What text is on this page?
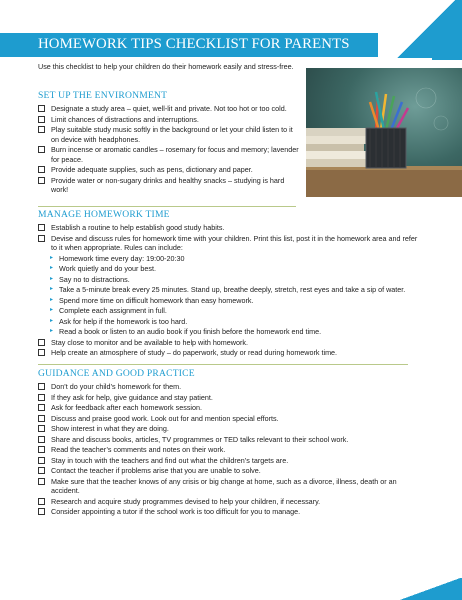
HOMEWORK TIPS CHECKLIST FOR PARENTS
Use this checklist to help your children do their homework easily and stress-free.
SET UP THE ENVIRONMENT
Designate a study area – quiet, well-lit and private. Not too hot or too cold.
Limit chances of distractions and interruptions.
Play suitable study music softly in the background or let your child listen to it on device with headphones.
Burn incense or aromatic candles – rosemary for focus and memory; lavender for peace.
Provide adequate supplies, such as pens, dictionary and paper.
Provide water or non-sugary drinks and healthy snacks – studying is hard work!
MANAGE HOMEWORK TIME
Establish a routine to help establish good study habits.
Devise and discuss rules for homework time with your children. Print this list, post it in the homework area and refer to it when appropriate. Rules can include:
▸ Homework time every day: 19:00-20:30
▸ Work quietly and do your best.
▸ Say no to distractions.
▸ Take a 5-minute break every 25 minutes. Stand up, breathe deeply, stretch, rest eyes and take a sip of water.
▸ Spend more time on difficult homework than easy homework.
▸ Complete each assignment in full.
▸ Ask for help if the homework is too hard.
▸ Read a book or listen to an audio book if you finish before the homework end time.
Stay close to monitor and be available to help with homework.
Help create an atmosphere of study – do paperwork, study or read during homework time.
GUIDANCE AND GOOD PRACTICE
Don’t do your child’s homework for them.
If they ask for help, give guidance and stay patient.
Ask for feedback after each homework session.
Discuss and praise good work. Look out for and mention special efforts.
Show interest in what they are doing.
Share and discuss books, articles, TV programmes or TED talks relevant to their school work.
Read the teacher’s comments and notes on their work.
Stay in touch with the teachers and find out what the children’s targets are.
Contact the teacher if problems arise that you are unable to solve.
Make sure that the teacher knows of any crisis or big change at home, such as a divorce, illness, death or an accident.
Research and acquire study programmes devised to help your children, if necessary.
Consider appointing a tutor if the school work is too difficult for you to manage.
